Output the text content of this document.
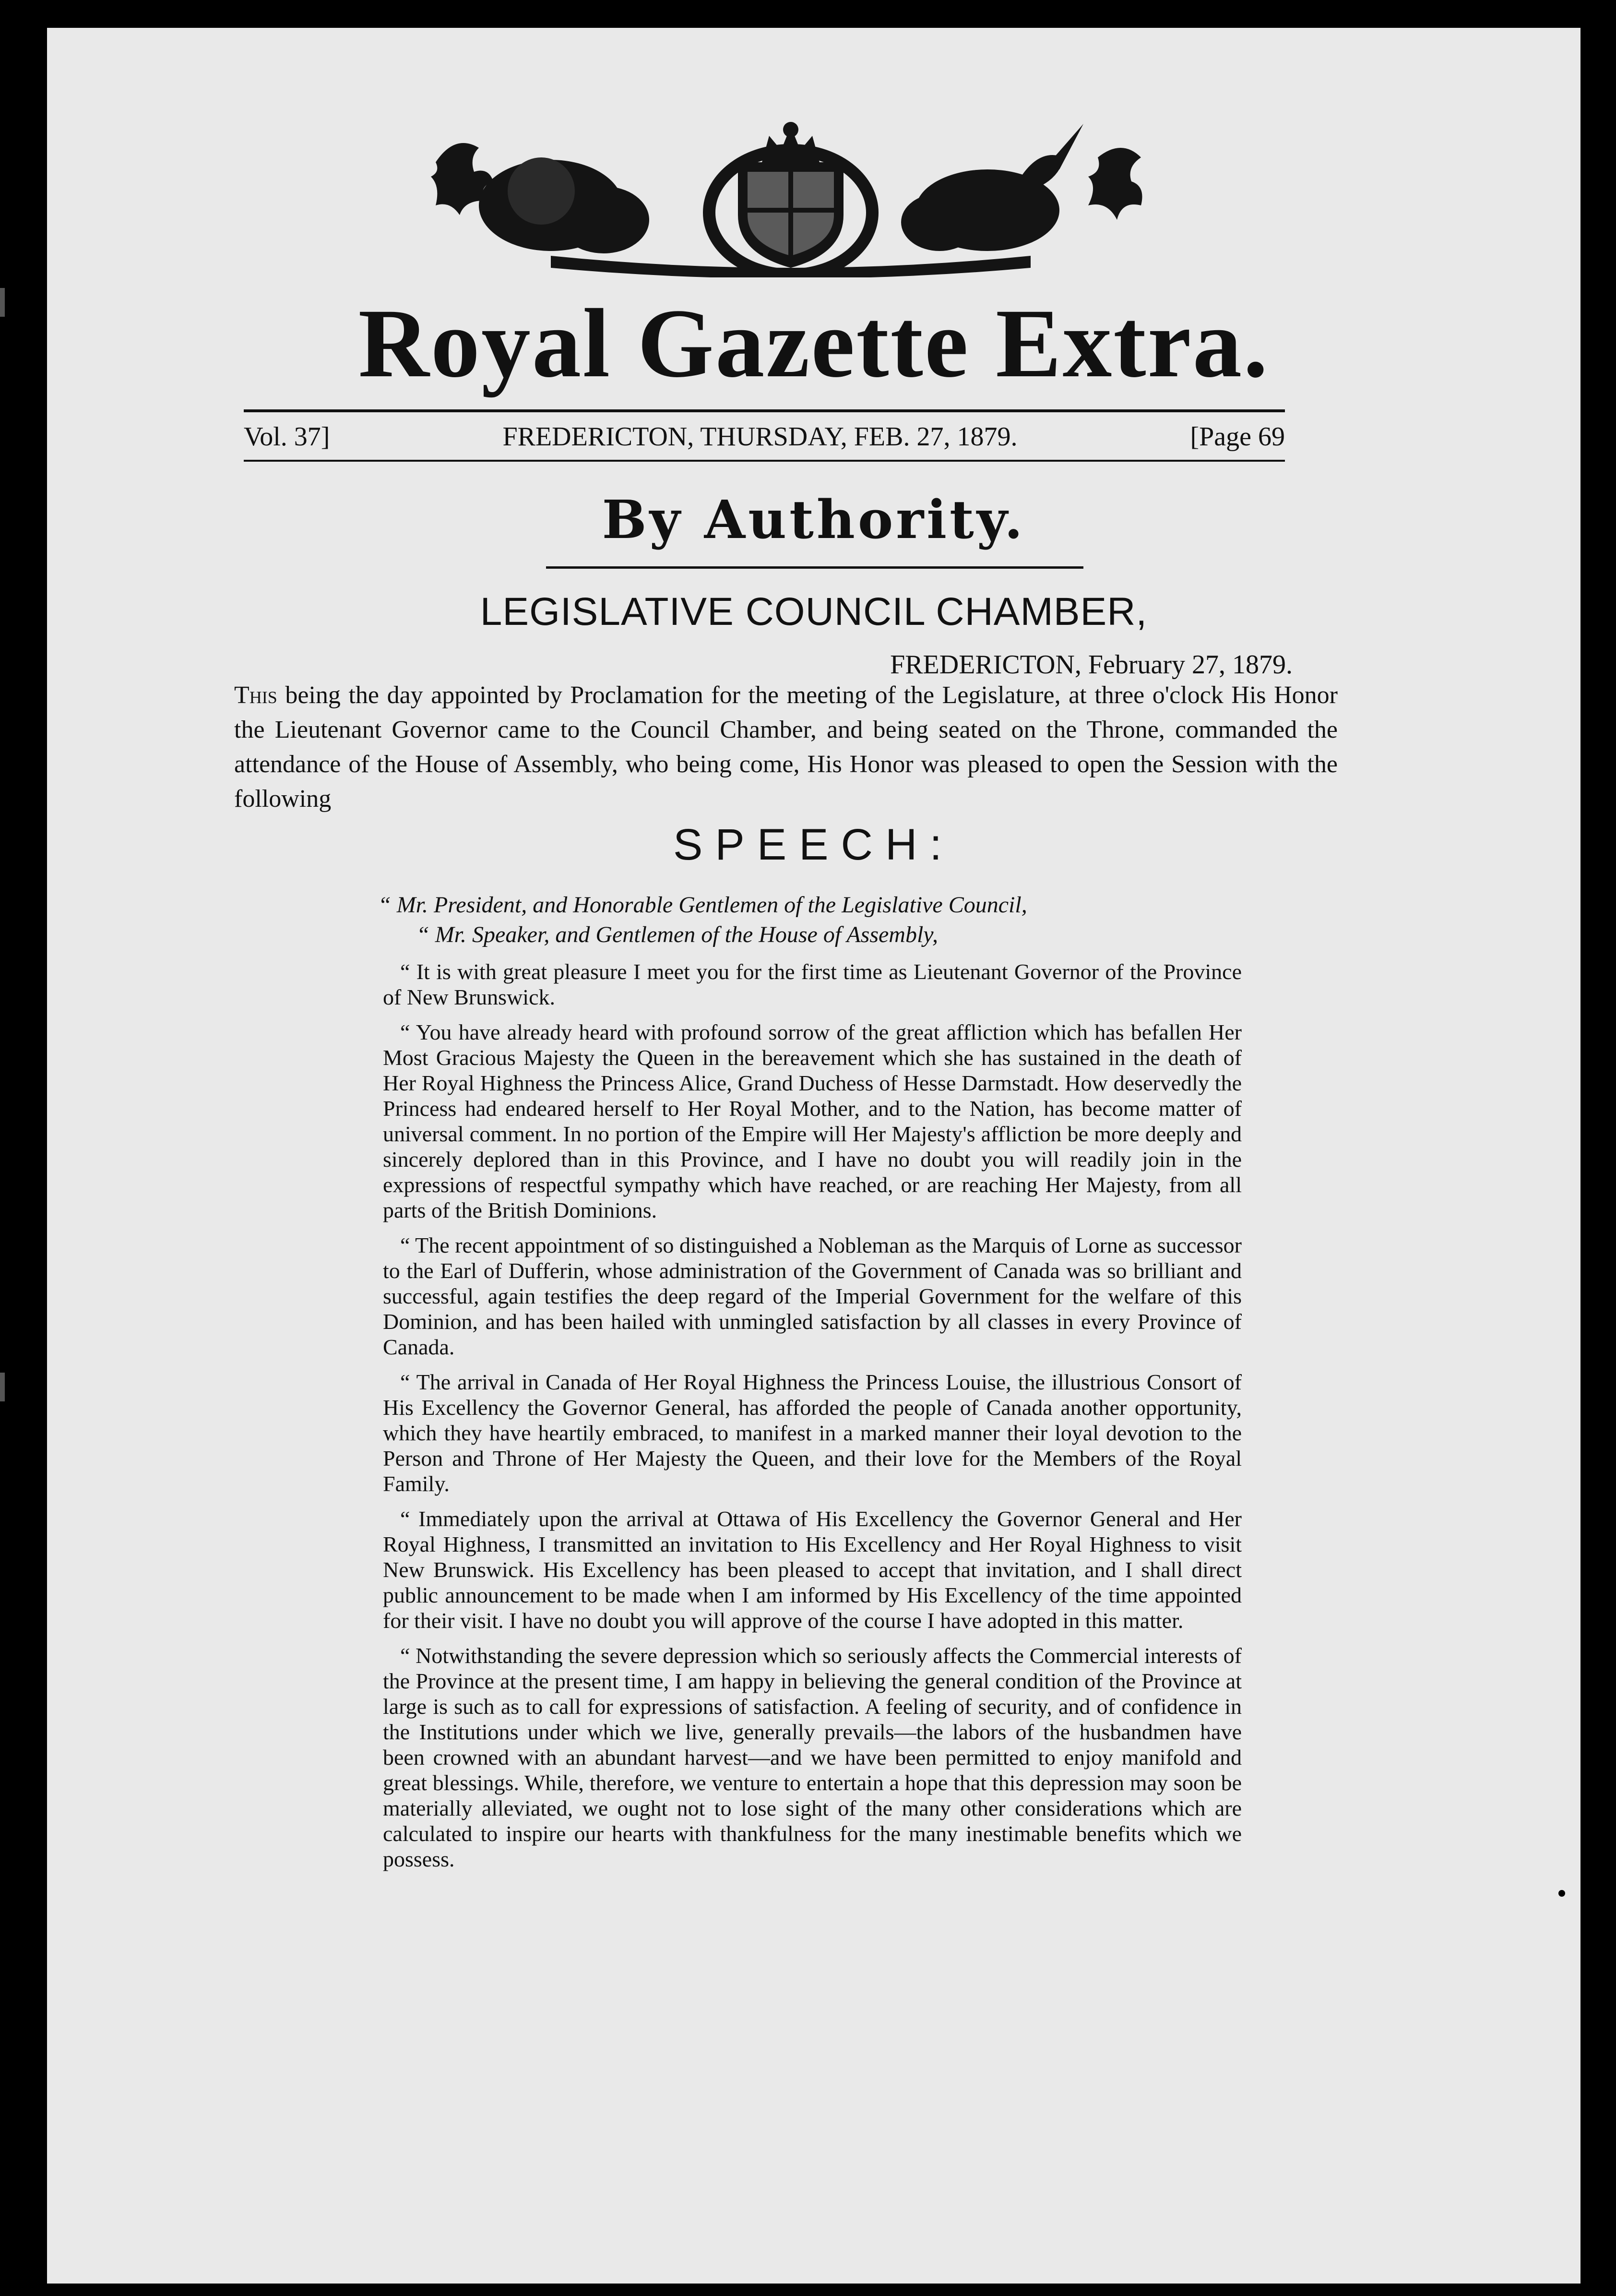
Royal Gazette Extra.
Vol. 37]	FREDERICTON, THURSDAY, FEB. 27, 1879.	[Page 69
By Authority.
LEGISLATIVE COUNCIL CHAMBER,
FREDERICTON, February 27, 1879.
This being the day appointed by Proclamation for the meeting of the Legislature, at three o'clock His Honor the Lieutenant Governor came to the Council Chamber, and being seated on the Throne, commanded the attendance of the House of Assembly, who being come, His Honor was pleased to open the Session with the following
SPEECH:
“ Mr. President, and Honorable Gentlemen of the Legislative Council,
“ Mr. Speaker, and Gentlemen of the House of Assembly,

“ It is with great pleasure I meet you for the first time as Lieutenant Governor of the Province of New Brunswick.

“ You have already heard with profound sorrow of the great affliction which has befallen Her Most Gracious Majesty the Queen in the bereavement which she has sustained in the death of Her Royal Highness the Princess Alice, Grand Duchess of Hesse Darmstadt. How deservedly the Princess had endeared herself to Her Royal Mother, and to the Nation, has become matter of universal comment. In no portion of the Empire will Her Majesty's affliction be more deeply and sincerely deplored than in this Province, and I have no doubt you will readily join in the expressions of respectful sympathy which have reached, or are reaching Her Majesty, from all parts of the British Dominions.

“ The recent appointment of so distinguished a Nobleman as the Marquis of Lorne as successor to the Earl of Dufferin, whose administration of the Government of Canada was so brilliant and successful, again testifies the deep regard of the Imperial Government for the welfare of this Dominion, and has been hailed with unmingled satisfaction by all classes in every Province of Canada.

“ The arrival in Canada of Her Royal Highness the Princess Louise, the illustrious Consort of His Excellency the Governor General, has afforded the people of Canada another opportunity, which they have heartily embraced, to manifest in a marked manner their loyal devotion to the Person and Throne of Her Majesty the Queen, and their love for the Members of the Royal Family.

“ Immediately upon the arrival at Ottawa of His Excellency the Governor General and Her Royal Highness, I transmitted an invitation to His Excellency and Her Royal Highness to visit New Brunswick. His Excellency has been pleased to accept that invitation, and I shall direct public announcement to be made when I am informed by His Excellency of the time appointed for their visit. I have no doubt you will approve of the course I have adopted in this matter.

“ Notwithstanding the severe depression which so seriously affects the Commercial interests of the Province at the present time, I am happy in believing the general condition of the Province at large is such as to call for expressions of satisfaction. A feeling of security, and of confidence in the Institutions under which we live, generally prevails—the labors of the husbandmen have been crowned with an abundant harvest—and we have been permitted to enjoy manifold and great blessings. While, therefore, we venture to entertain a hope that this depression may soon be materially alleviated, we ought not to lose sight of the many other considerations which are calculated to inspire our hearts with thankfulness for the many inestimable benefits which we possess.
